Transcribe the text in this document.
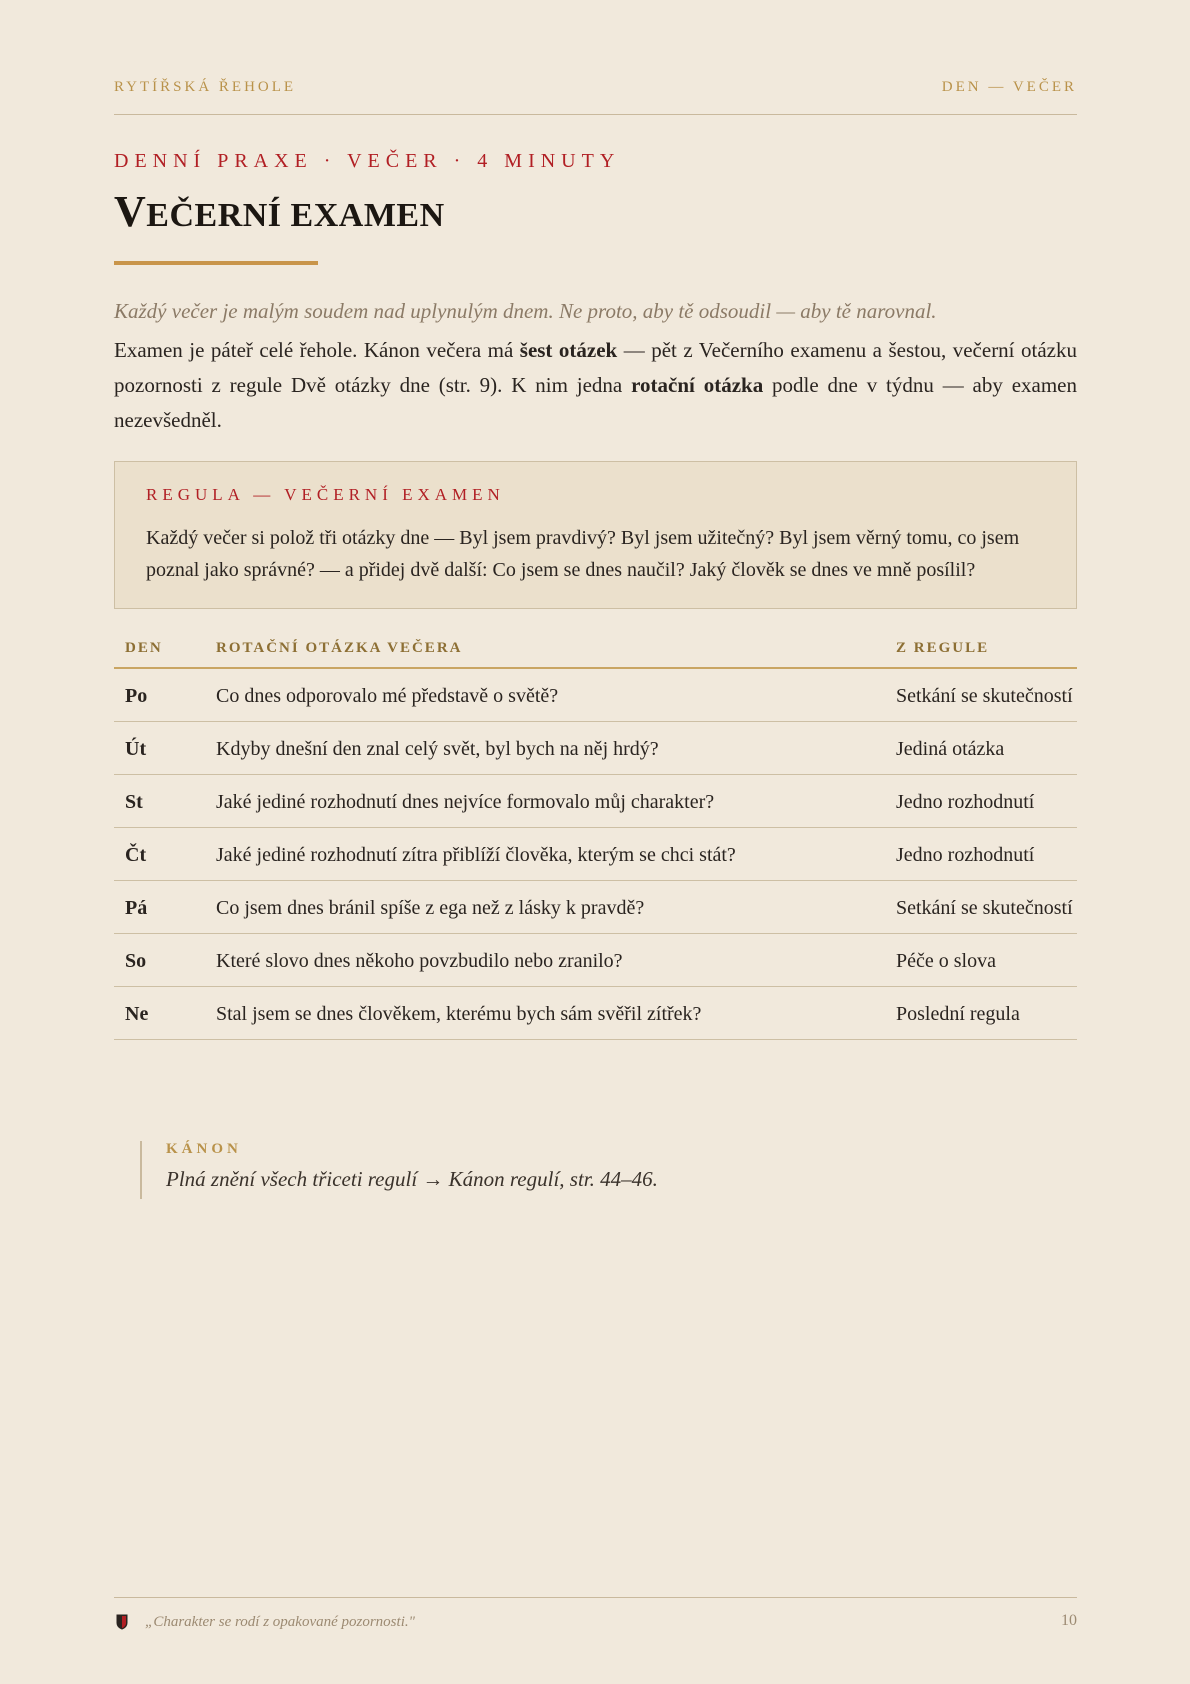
RYTÍŘSKÁ ŘEHOLE	DEN — VEČER
DENNÍ PRAXE · VEČER · 4 MINUTY
VEČERNÍ EXAMEN
Každý večer je malým soudem nad uplynulým dnem. Ne proto, aby tě odsoudil — aby tě narovnal.
Examen je páteř celé řehole. Kánon večera má šest otázek — pět z Večerního examenu a šestou, večerní otázku pozornosti z regule Dvě otázky dne (str. 9). K nim jedna rotační otázka podle dne v týdnu — aby examen nezevšedněl.
REGULA — VEČERNÍ EXAMEN
Každý večer si polož tři otázky dne — Byl jsem pravdivý? Byl jsem užitečný? Byl jsem věrný tomu, co jsem poznal jako správné? — a přidej dvě další: Co jsem se dnes naučil? Jaký člověk se dnes ve mně posílil?
DEN	ROTAČNÍ OTÁZKA VEČERA	Z REGULE
Po	Co dnes odporovalo mé představě o světě?	Setkání se skutečností
Út	Kdyby dnešní den znal celý svět, byl bych na něj hrdý?	Jediná otázka
St	Jaké jediné rozhodnutí dnes nejvíce formovalo můj charakter?	Jedno rozhodnutí
Čt	Jaké jediné rozhodnutí zítra přiblíží člověka, kterým se chci stát?	Jedno rozhodnutí
Pá	Co jsem dnes bránil spíše z ega než z lásky k pravdě?	Setkání se skutečností
So	Které slovo dnes někoho povzbudilo nebo zranilo?	Péče o slova
Ne	Stal jsem se dnes člověkem, kterému bych sám svěřil zítřek?	Poslední regula
KÁNON
Plná znění všech třiceti regulí → Kánon regulí, str. 44–46.
„Charakter se rodí z opakované pozornosti."	10
